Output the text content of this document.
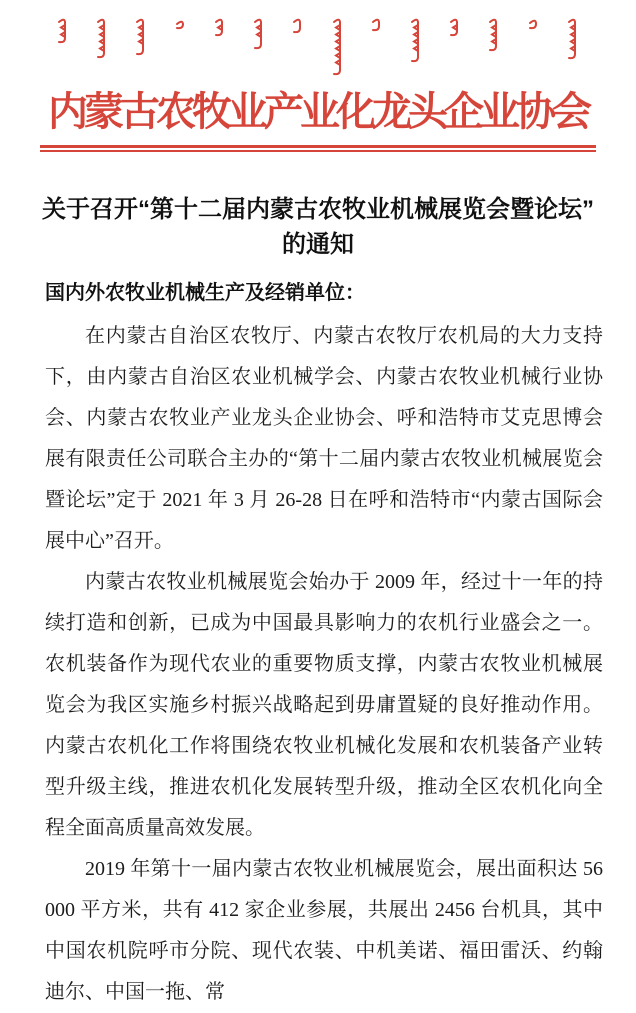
内蒙古农牧业产业化龙头企业协会
关于召开“第十二届内蒙古农牧业机械展览会暨论坛”
的通知
国内外农牧业机械生产及经销单位：

在内蒙古自治区农牧厅、内蒙古农牧厅农机局的大力支持下，由内蒙古自治区农业机械学会、内蒙古农牧业机械行业协会、内蒙古农牧业产业龙头企业协会、呼和浩特市艾克思博会展有限责任公司联合主办的“第十二届内蒙古农牧业机械展览会暨论坛”定于 2021 年 3 月 26-28 日在呼和浩特市“内蒙古国际会展中心”召开。

内蒙古农牧业机械展览会始办于 2009 年，经过十一年的持续打造和创新，已成为中国最具影响力的农机行业盛会之一。农机装备作为现代农业的重要物质支撑，内蒙古农牧业机械展览会为我区实施乡村振兴战略起到毋庸置疑的良好推动作用。内蒙古农机化工作将围绕农牧业机械化发展和农机装备产业转型升级主线，推进农机化发展转型升级，推动全区农机化向全程全面高质量高效发展。

2019 年第十一届内蒙古农牧业机械展览会，展出面积达 56000 平方米，共有 412 家企业参展，共展出 2456 台机具，其中中国农机院呼市分院、现代农装、中机美诺、福田雷沃、约翰迪尔、中国一拖、常
